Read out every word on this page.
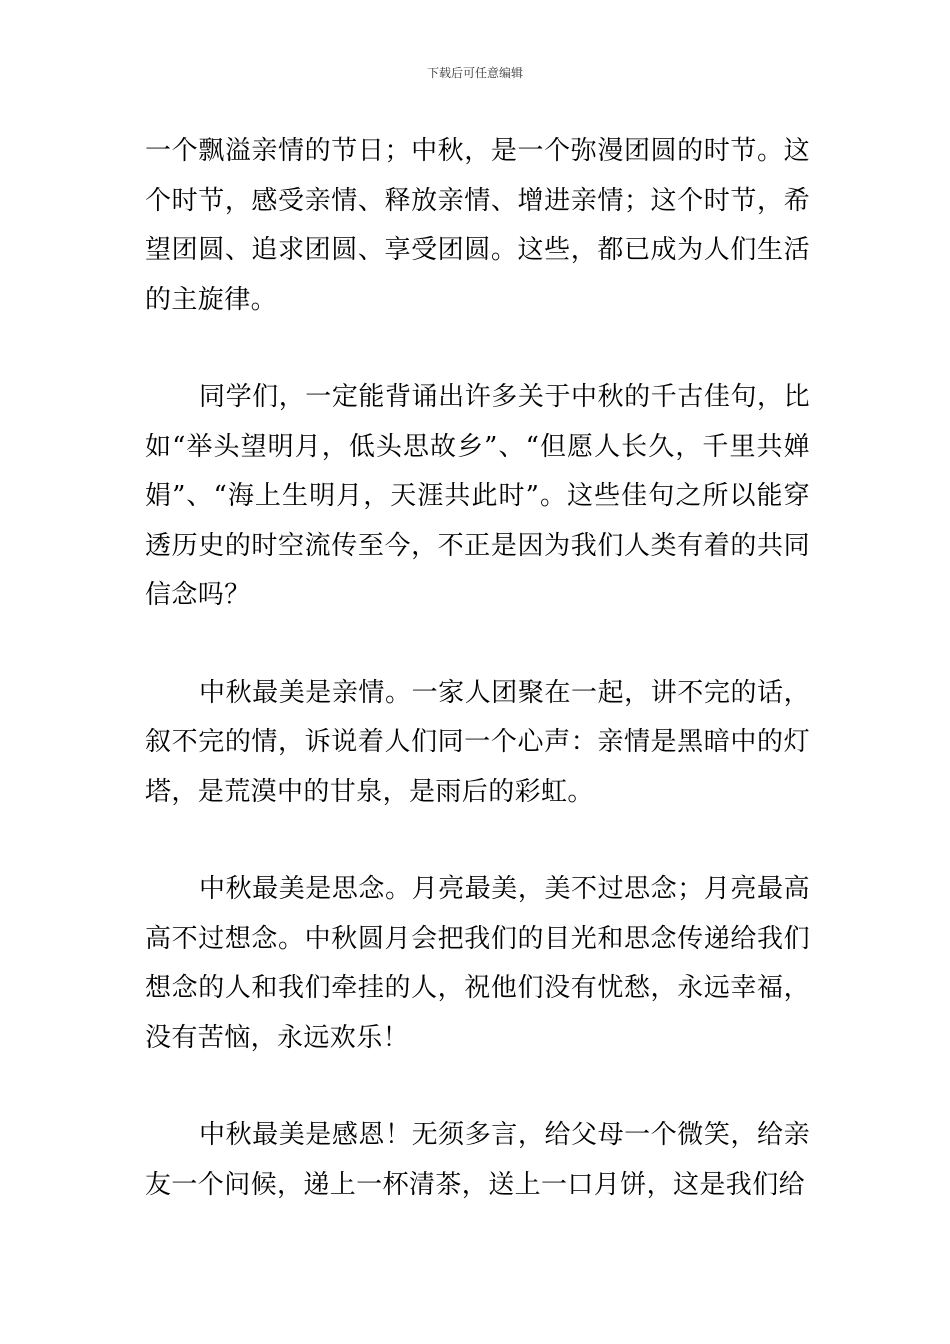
下载后可任意编辑

一个飘溢亲情的节日；中秋，是一个弥漫团圆的时节。这个时节，感受亲情、释放亲情、增进亲情；这个时节，希望团圆、追求团圆、享受团圆。这些，都已成为人们生活的主旋律。

同学们，一定能背诵出许多关于中秋的千古佳句，比如“举头望明月，低头思故乡”、“但愿人长久，千里共婵娟”、“海上生明月，天涯共此时”。这些佳句之所以能穿透历史的时空流传至今，不正是因为我们人类有着的共同信念吗？

中秋最美是亲情。一家人团聚在一起，讲不完的话，叙不完的情，诉说着人们同一个心声：亲情是黑暗中的灯塔，是荒漠中的甘泉，是雨后的彩虹。

中秋最美是思念。月亮最美，美不过思念；月亮最高高不过想念。中秋圆月会把我们的目光和思念传递给我们想念的人和我们牵挂的人，祝他们没有忧愁，永远幸福，没有苦恼，永远欢乐！

中秋最美是感恩！无须多言，给父母一个微笑，给亲友一个问候，递上一杯清茶，送上一口月饼，这是我们给
